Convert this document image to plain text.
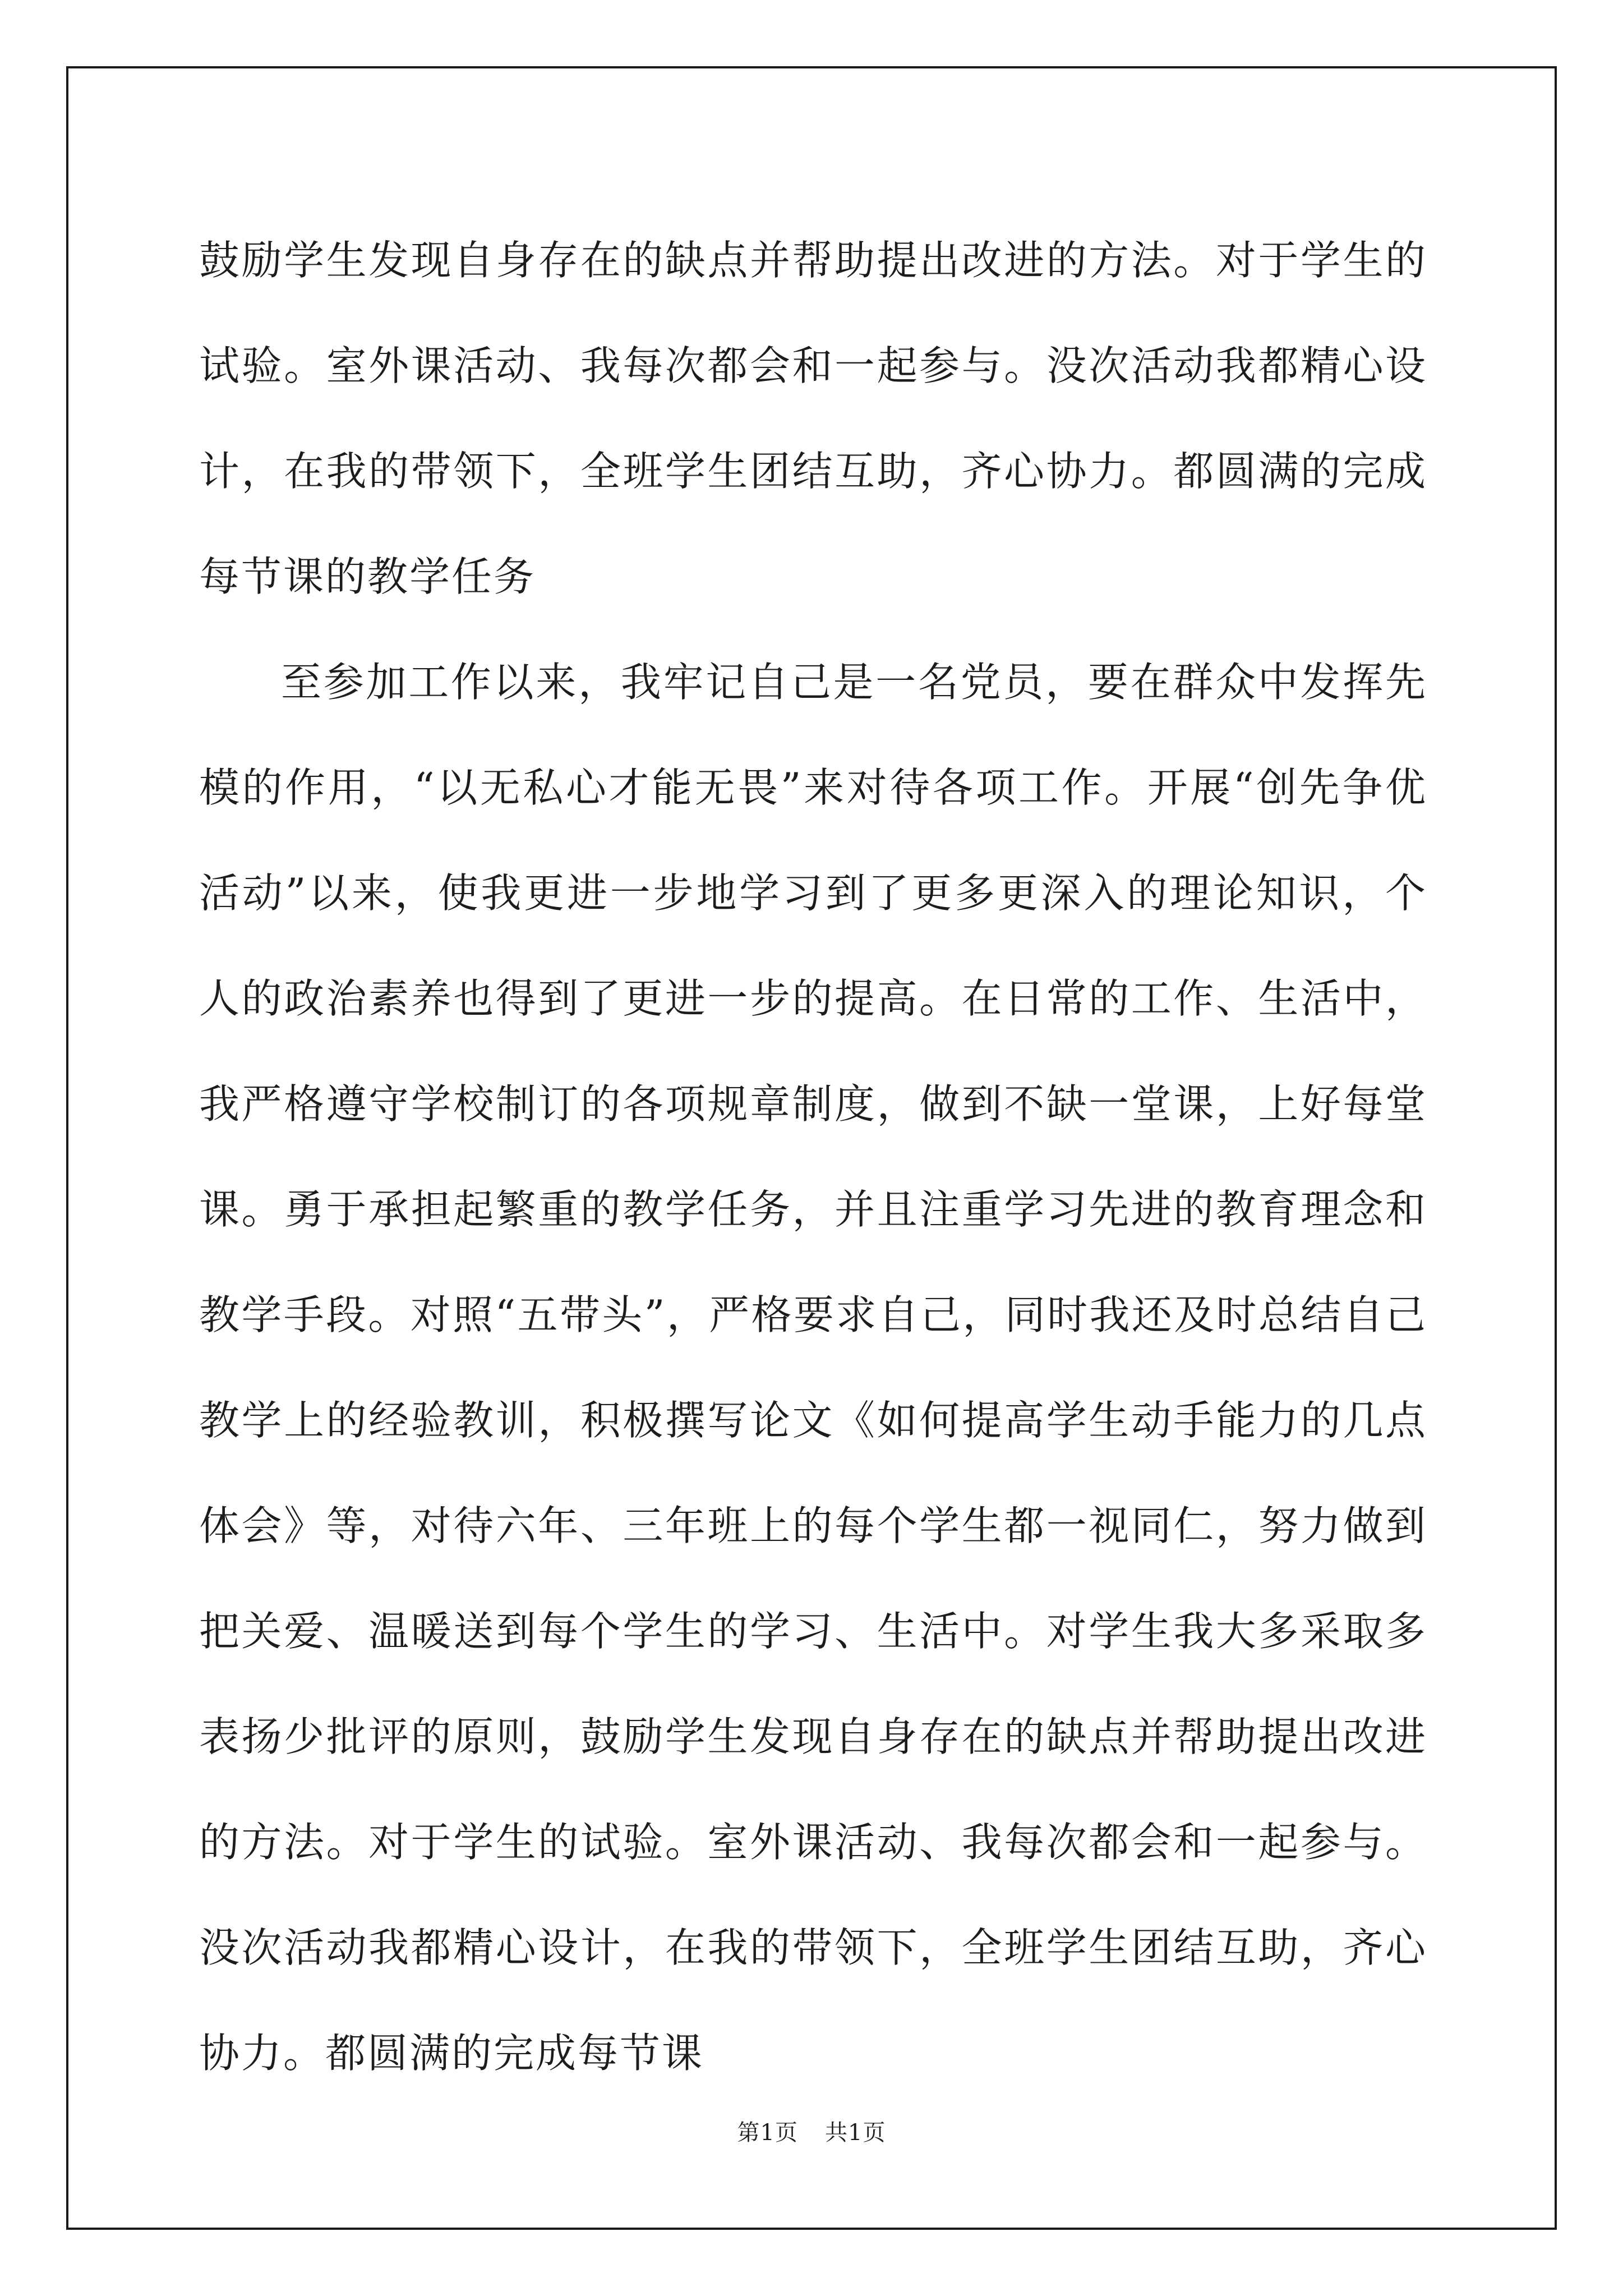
鼓励学生发现自身存在的缺点并帮助提出改进的方法。对于学生的试验。室外课活动、我每次都会和一起参与。没次活动我都精心设计，在我的带领下，全班学生团结互助，齐心协力。都圆满的完成每节课的教学任务

至参加工作以来，我牢记自己是一名党员，要在群众中发挥先模的作用，“以无私心才能无畏”来对待各项工作。开展“创先争优活动”以来，使我更进一步地学习到了更多更深入的理论知识，个人的政治素养也得到了更进一步的提高。在日常的工作、生活中，我严格遵守学校制订的各项规章制度，做到不缺一堂课，上好每堂课。勇于承担起繁重的教学任务，并且注重学习先进的教育理念和教学手段。对照“五带头”，严格要求自己，同时我还及时总结自己教学上的经验教训，积极撰写论文《如何提高学生动手能力的几点体会》等，对待六年、三年班上的每个学生都一视同仁，努力做到把关爱、温暖送到每个学生的学习、生活中。对学生我大多采取多表扬少批评的原则，鼓励学生发现自身存在的缺点并帮助提出改进的方法。对于学生的试验。室外课活动、我每次都会和一起参与。没次活动我都精心设计，在我的带领下，全班学生团结互助，齐心协力。都圆满的完成每节课

第1页 共1页
